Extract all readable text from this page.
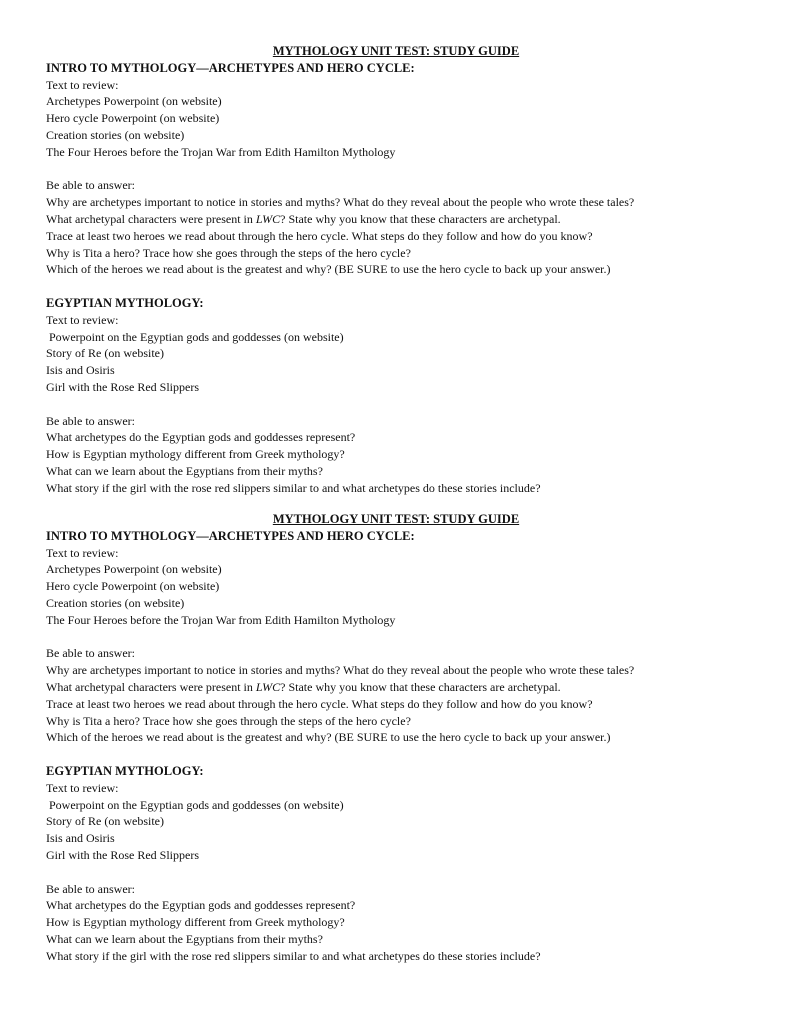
MYTHOLOGY UNIT TEST: STUDY GUIDE
INTRO TO MYTHOLOGY—ARCHETYPES AND HERO CYCLE:
Text to review:
Archetypes Powerpoint (on website)
Hero cycle Powerpoint (on website)
Creation stories (on website)
The Four Heroes before the Trojan War from Edith Hamilton Mythology
Be able to answer:
Why are archetypes important to notice in stories and myths? What do they reveal about the people who wrote these tales?
What archetypal characters were present in LWC? State why you know that these characters are archetypal.
Trace at least two heroes we read about through the hero cycle. What steps do they follow and how do you know?
Why is Tita a hero? Trace how she goes through the steps of the hero cycle?
Which of the heroes we read about is the greatest and why? (BE SURE to use the hero cycle to back up your answer.)
EGYPTIAN MYTHOLOGY:
Text to review:
Powerpoint on the Egyptian gods and goddesses (on website)
Story of Re (on website)
Isis and Osiris
Girl with the Rose Red Slippers
Be able to answer:
What archetypes do the Egyptian gods and goddesses represent?
How is Egyptian mythology different from Greek mythology?
What can we learn about the Egyptians from their myths?
What story if the girl with the rose red slippers similar to and what archetypes do these stories include?
MYTHOLOGY UNIT TEST: STUDY GUIDE
INTRO TO MYTHOLOGY—ARCHETYPES AND HERO CYCLE:
Text to review:
Archetypes Powerpoint (on website)
Hero cycle Powerpoint (on website)
Creation stories (on website)
The Four Heroes before the Trojan War from Edith Hamilton Mythology
Be able to answer:
Why are archetypes important to notice in stories and myths? What do they reveal about the people who wrote these tales?
What archetypal characters were present in LWC? State why you know that these characters are archetypal.
Trace at least two heroes we read about through the hero cycle. What steps do they follow and how do you know?
Why is Tita a hero? Trace how she goes through the steps of the hero cycle?
Which of the heroes we read about is the greatest and why? (BE SURE to use the hero cycle to back up your answer.)
EGYPTIAN MYTHOLOGY:
Text to review:
Powerpoint on the Egyptian gods and goddesses (on website)
Story of Re (on website)
Isis and Osiris
Girl with the Rose Red Slippers
Be able to answer:
What archetypes do the Egyptian gods and goddesses represent?
How is Egyptian mythology different from Greek mythology?
What can we learn about the Egyptians from their myths?
What story if the girl with the rose red slippers similar to and what archetypes do these stories include?
